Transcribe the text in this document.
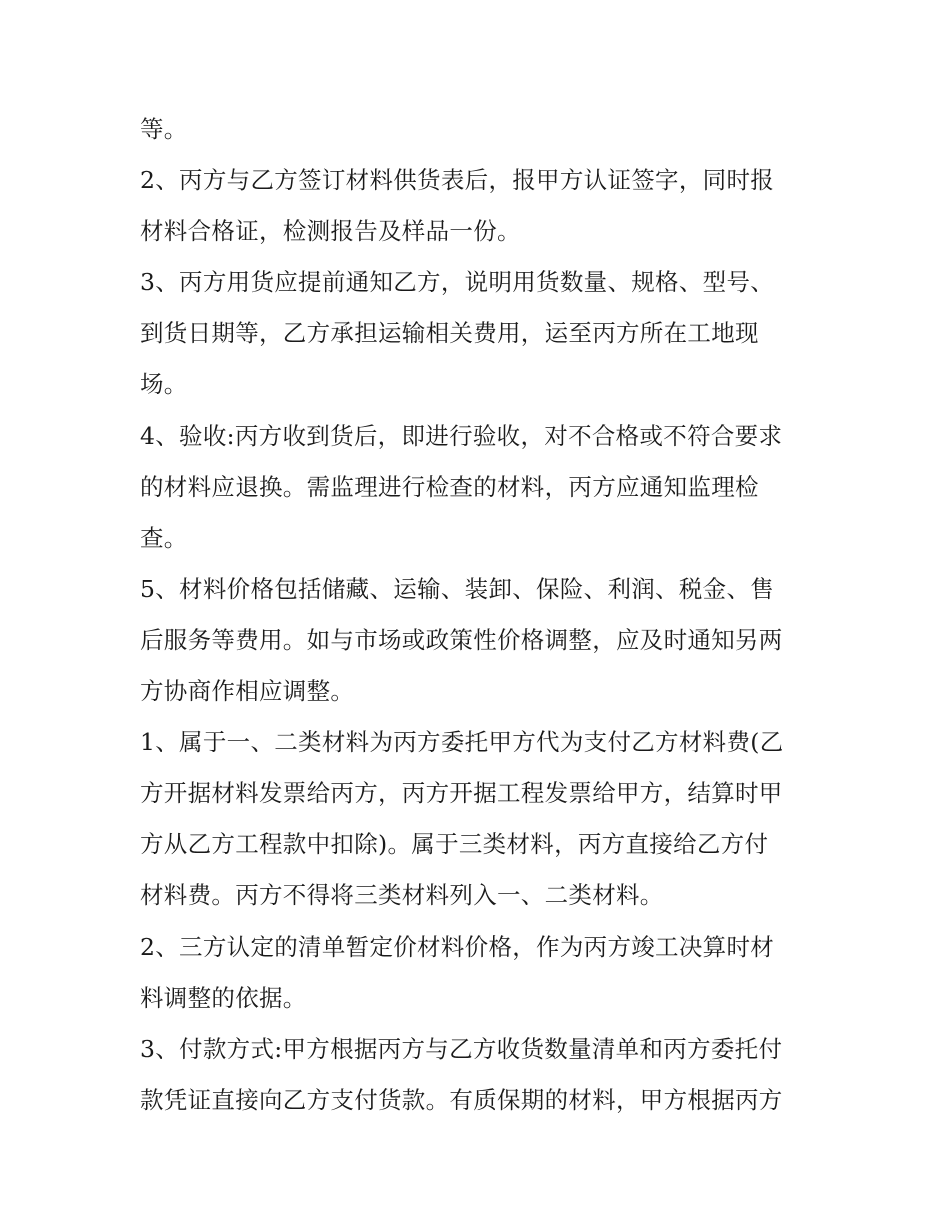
等。
2、丙方与乙方签订材料供货表后，报甲方认证签字，同时报
材料合格证，检测报告及样品一份。
3、丙方用货应提前通知乙方，说明用货数量、规格、型号、
到货日期等，乙方承担运输相关费用，运至丙方所在工地现
场。
4、验收:丙方收到货后，即进行验收，对不合格或不符合要求
的材料应退换。需监理进行检查的材料，丙方应通知监理检
查。
5、材料价格包括储藏、运输、装卸、保险、利润、税金、售
后服务等费用。如与市场或政策性价格调整，应及时通知另两
方协商作相应调整。
1、属于一、二类材料为丙方委托甲方代为支付乙方材料费(乙
方开据材料发票给丙方，丙方开据工程发票给甲方，结算时甲
方从乙方工程款中扣除)。属于三类材料，丙方直接给乙方付
材料费。丙方不得将三类材料列入一、二类材料。
2、三方认定的清单暂定价材料价格，作为丙方竣工决算时材
料调整的依据。
3、付款方式:甲方根据丙方与乙方收货数量清单和丙方委托付
款凭证直接向乙方支付货款。有质保期的材料，甲方根据丙方
